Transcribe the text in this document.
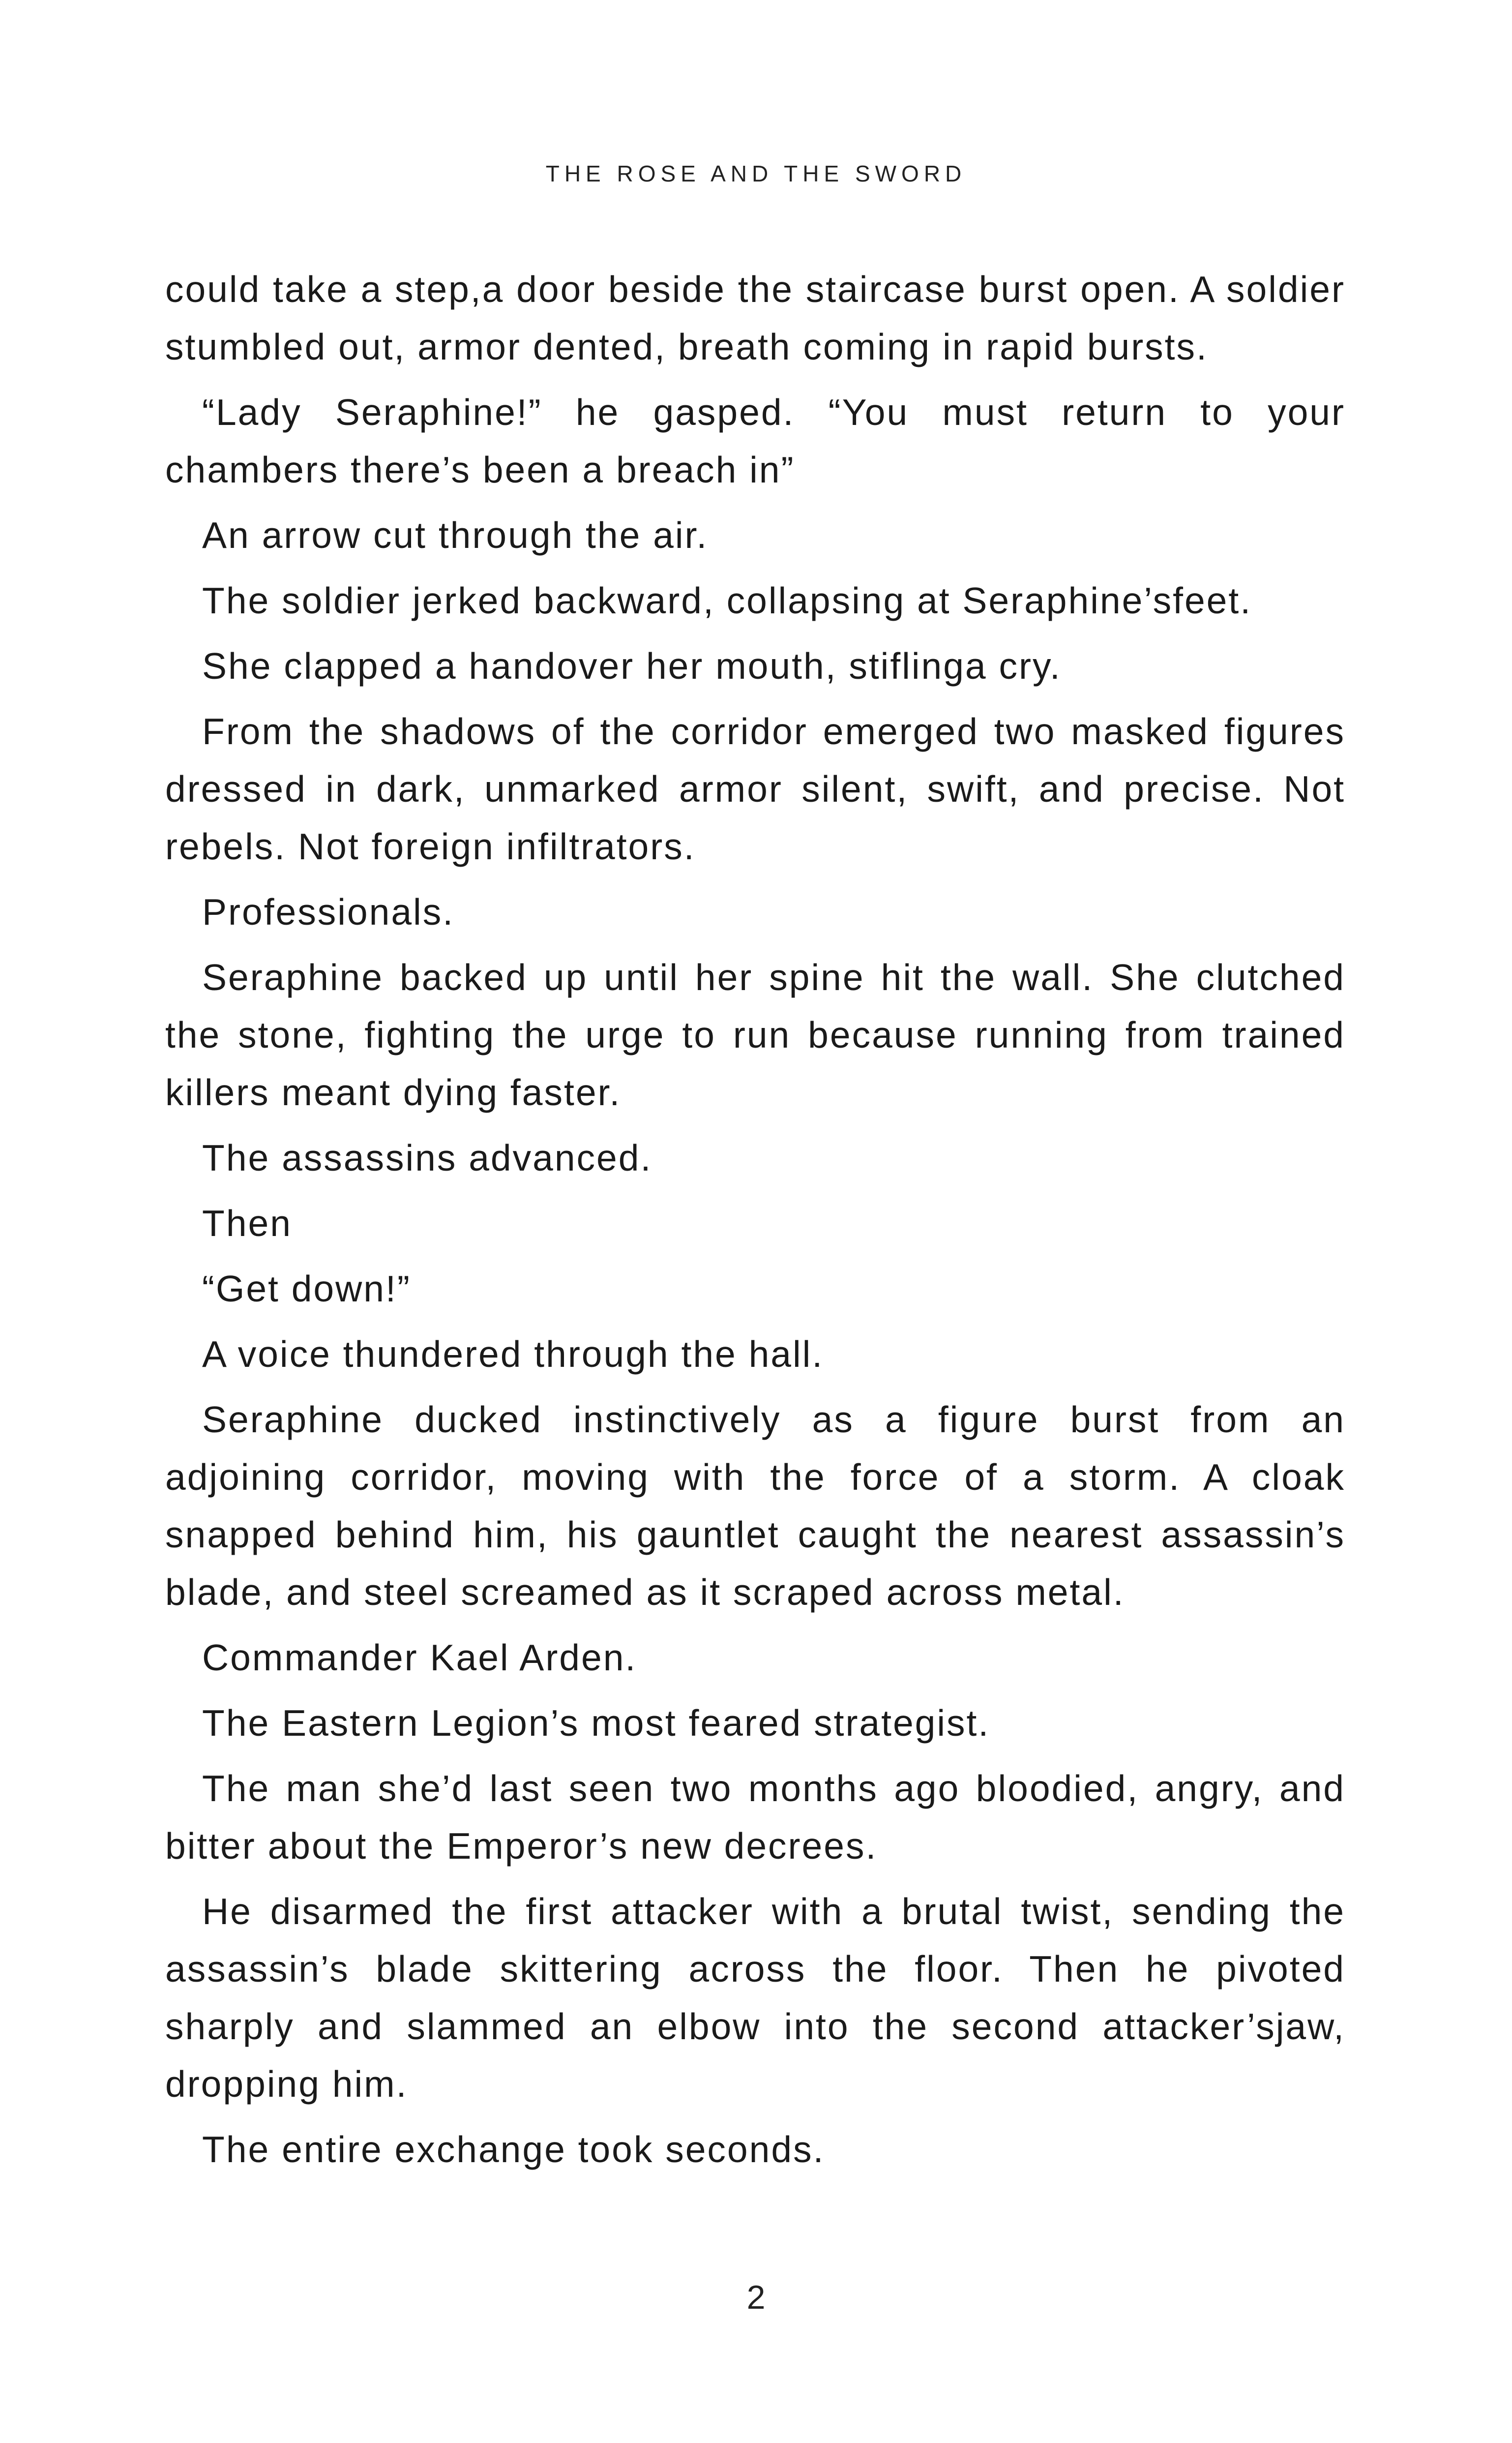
THE ROSE AND THE SWORD

could take a step,a door beside the staircase burst open. A soldier stumbled out, armor dented, breath coming in rapid bursts.

“Lady Seraphine!” he gasped. “You must return to your chambers there’s been a breach in”

An arrow cut through the air.

The soldier jerked backward, collapsing at Seraphine’sfeet.

She clapped a handover her mouth, stiflinga cry.

From the shadows of the corridor emerged two masked figures dressed in dark, unmarked armor silent, swift, and precise. Not rebels. Not foreign infiltrators.

Professionals.

Seraphine backed up until her spine hit the wall. She clutched the stone, fighting the urge to run because running from trained killers meant dying faster.

The assassins advanced.

Then

“Get down!”

A voice thundered through the hall.

Seraphine ducked instinctively as a figure burst from an adjoining corridor, moving with the force of a storm. A cloak snapped behind him, his gauntlet caught the nearest assassin’s blade, and steel screamed as it scraped across metal.

Commander Kael Arden.

The Eastern Legion’s most feared strategist.

The man she’d last seen two months ago bloodied, angry, and bitter about the Emperor’s new decrees.

He disarmed the first attacker with a brutal twist, sending the assassin’s blade skittering across the floor. Then he pivoted sharply and slammed an elbow into the second attacker’sjaw, dropping him.

The entire exchange took seconds.

2
